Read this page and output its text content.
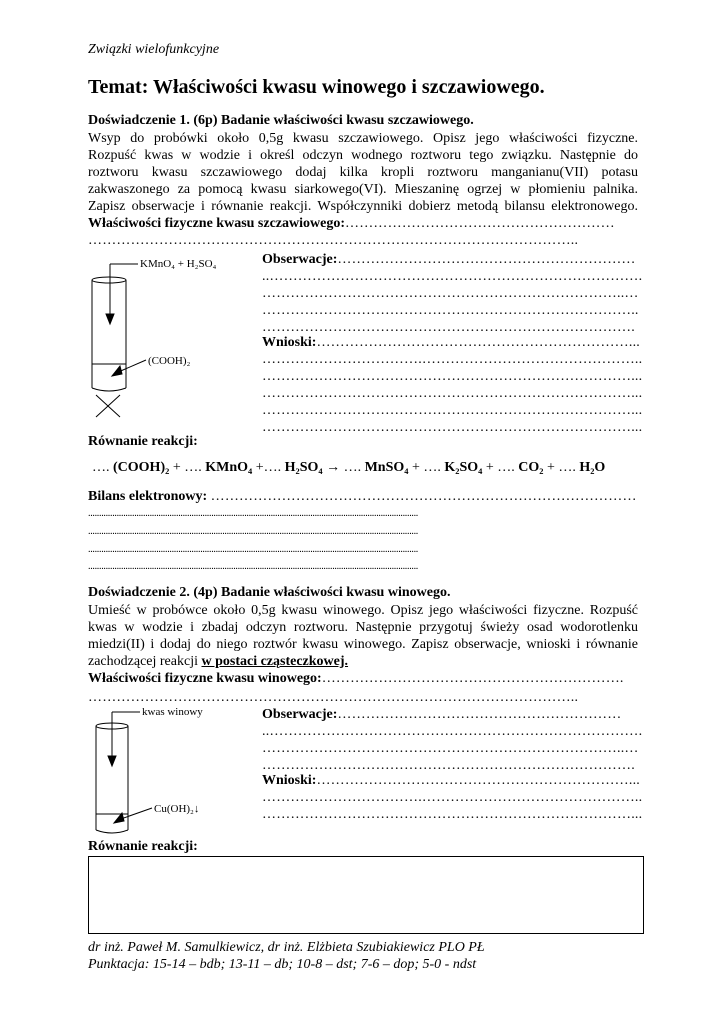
Związki wielofunkcyjne
Temat: Właściwości kwasu winowego i szczawiowego.
Doświadczenie 1. (6p) Badanie właściwości kwasu szczawiowego.
Wsyp do probówki około 0,5g kwasu szczawiowego. Opisz jego właściwości fizyczne.
Rozpuść kwas w wodzie i określ odczyn wodnego roztworu tego związku. Następnie do
roztworu kwasu szczawiowego dodaj kilka kropli roztworu manganianu(VII) potasu
zakwaszonego za pomocą kwasu siarkowego(VI). Mieszaninę ogrzej w płomieniu palnika.
Zapisz obserwacje i równanie reakcji. Współczynniki dobierz metodą bilansu elektronowego.
Właściwości fizyczne kwasu szczawiowego:…………………………………………………
…………………………………………………………………………………………..
KMnO₄ + H₂SO₄
(COOH)₂
Obserwacje:………………………………………………………
..…………………………………………………………………….
…………………………………………………………………..…
……………………………………………………………………..
…………………………………………………………………….
Wnioski:…………………………………………………………...
…………………………….………………………………………..
……………………………………………………………………...
……………………………………………………………………...
……………………………………………………………………...
……………………………………………………………………...
Równanie reakcji:
…. (COOH)₂ + …. KMnO₄ +…. H₂SO₄ → …. MnSO₄ + …. K₂SO₄ + …. CO₂ + …. H₂O
Bilans elektronowy: ………………………………………………………………………………
......................................................................................................................................................
......................................................................................................................................................
......................................................................................................................................................
......................................................................................................................................................
Doświadczenie 2. (4p) Badanie właściwości kwasu winowego.
Umieść w probówce około 0,5g kwasu winowego. Opisz jego właściwości fizyczne. Rozpuść
kwas w wodzie i zbadaj odczyn roztworu. Następnie przygotuj świeży osad wodorotlenku
miedzi(II) i dodaj do niego roztwór kwasu winowego. Zapisz obserwacje, wnioski i równanie
zachodzącej reakcji w postaci cząsteczkowej.
Właściwości fizyczne kwasu winowego:……………………………………………………….
…………………………………………………………………………………………..
kwas winowy
Cu(OH)₂↓
Obserwacje:……………………………………………………
..…………………………………………………………………….
…………………………………………………………………..…
…………………………………………………………………….
Wnioski:…………………………………………………………...
…………………………….………………………………………..
……………………………………………………………………...
Równanie reakcji:
dr inż. Paweł M. Samulkiewicz, dr inż. Elżbieta Szubiakiewicz PLO PŁ
Punktacja: 15-14 – bdb; 13-11 – db; 10-8 – dst; 7-6 – dop; 5-0 - ndst
